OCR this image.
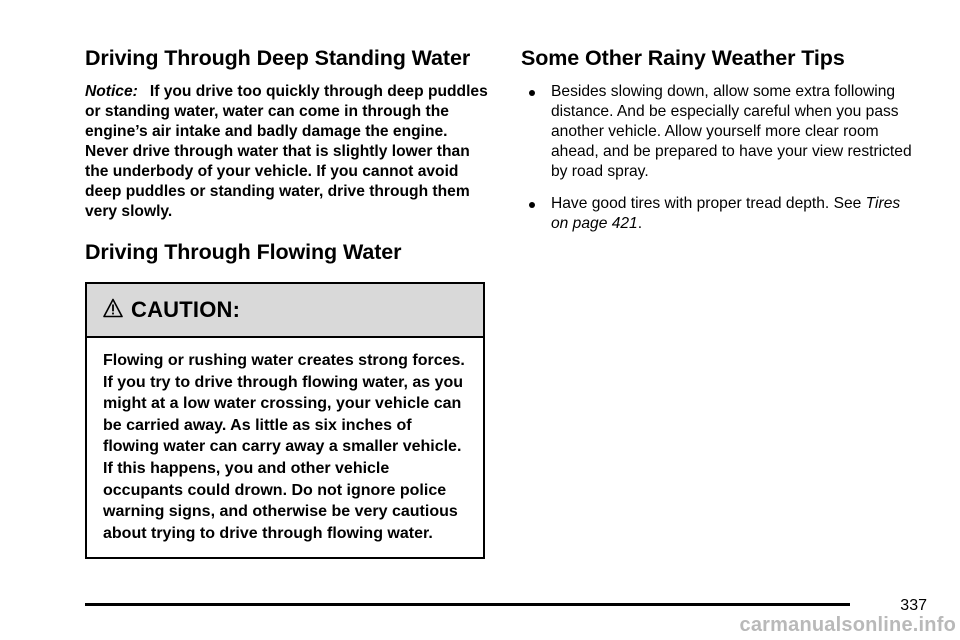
Driving Through Deep Standing Water

Notice: If you drive too quickly through deep puddles or standing water, water can come in through the engine’s air intake and badly damage the engine. Never drive through water that is slightly lower than the underbody of your vehicle. If you cannot avoid deep puddles or standing water, drive through them very slowly.

Driving Through Flowing Water
CAUTION:
Flowing or rushing water creates strong forces. If you try to drive through flowing water, as you might at a low water crossing, your vehicle can be carried away. As little as six inches of flowing water can carry away a smaller vehicle. If this happens, you and other vehicle occupants could drown. Do not ignore police warning signs, and otherwise be very cautious about trying to drive through flowing water.
Some Other Rainy Weather Tips
Besides slowing down, allow some extra following distance. And be especially careful when you pass another vehicle. Allow yourself more clear room ahead, and be prepared to have your view restricted by road spray.
Have good tires with proper tread depth. See Tires on page 421.
337
carmanualsonline.info
